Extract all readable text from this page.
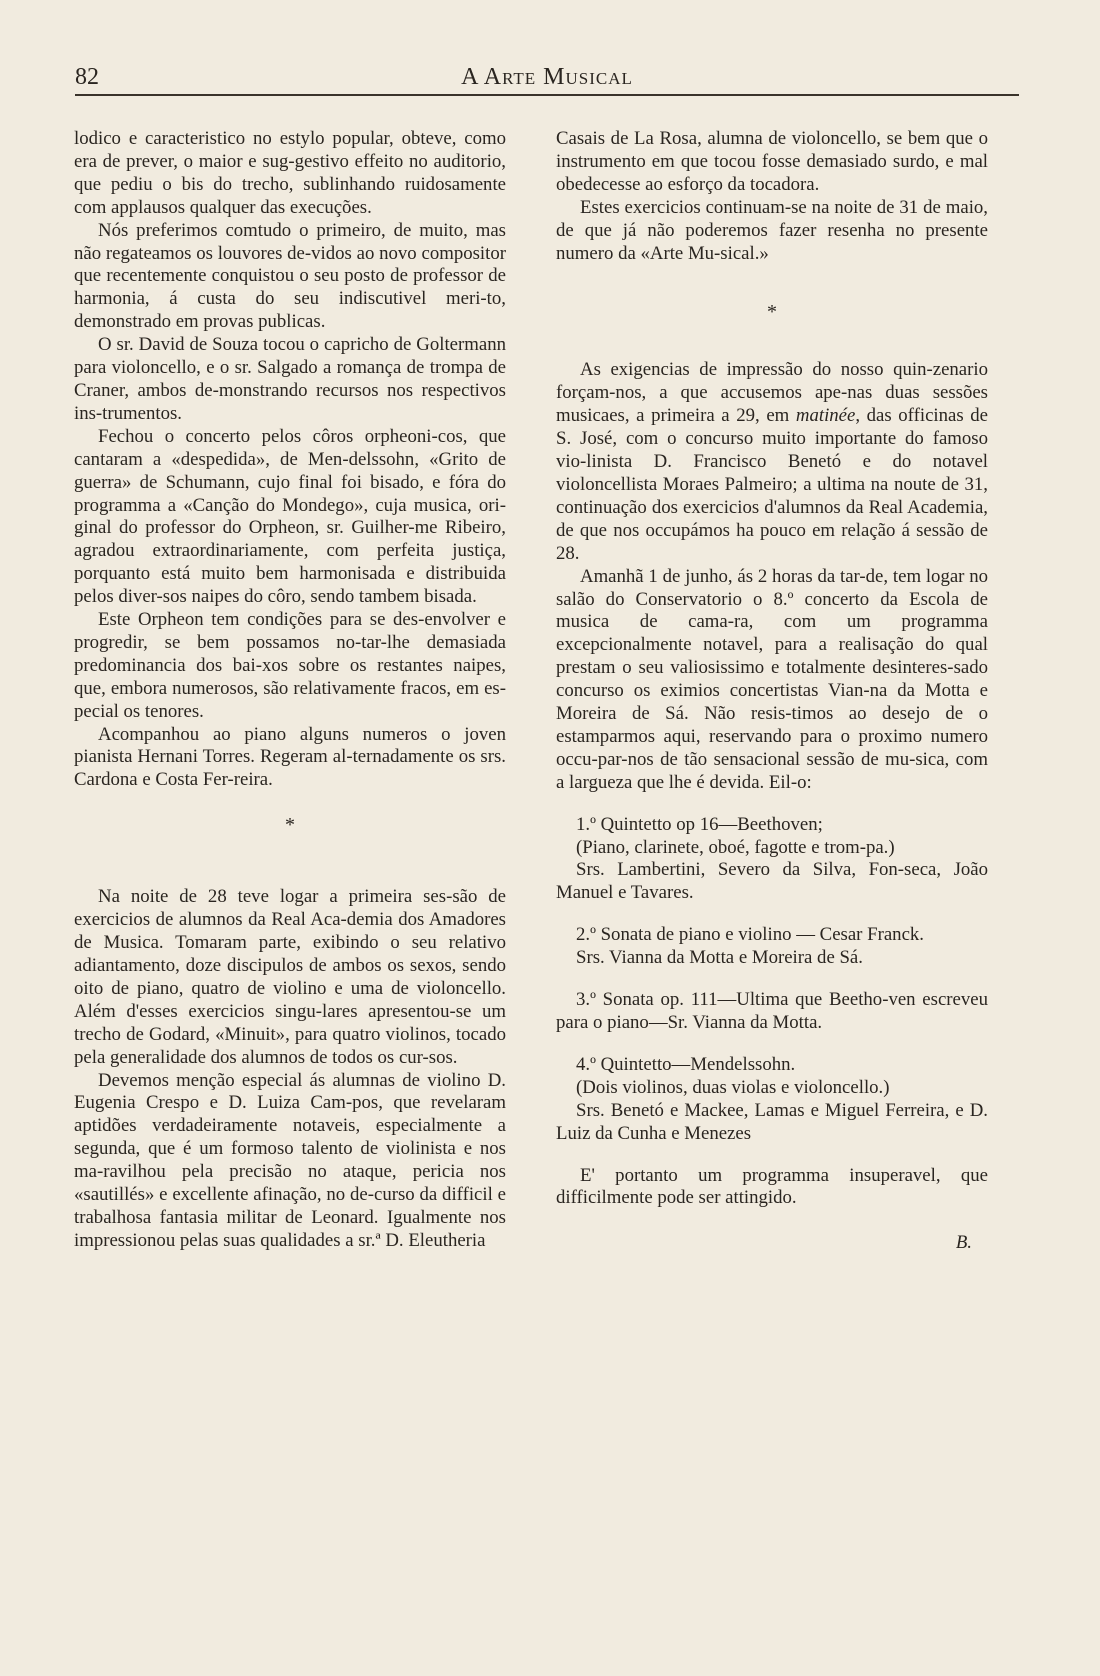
82	A Arte Musical

lodico e caracteristico no estylo popular, obteve, como era de prever, o maior e sug-gestivo effeito no auditorio, que pediu o bis do trecho, sublinhando ruidosamente com applausos qualquer das execuções.

Nós preferimos comtudo o primeiro, de muito, mas não regateamos os louvores de-vidos ao novo compositor que recentemente conquistou o seu posto de professor de harmonia, á custa do seu indiscutivel meri-to, demonstrado em provas publicas.

O sr. David de Souza tocou o capricho de Goltermann para violoncello, e o sr. Salgado a romança de trompa de Craner, ambos de-monstrando recursos nos respectivos ins-trumentos.

Fechou o concerto pelos côros orpheoni-cos, que cantaram a «despedida», de Men-delssohn, «Grito de guerra» de Schumann, cujo final foi bisado, e fóra do programma a «Canção do Mondego», cuja musica, ori-ginal do professor do Orpheon, sr. Guilher-me Ribeiro, agradou extraordinariamente, com perfeita justiça, porquanto está muito bem harmonisada e distribuida pelos diver-sos naipes do côro, sendo tambem bisada.

Este Orpheon tem condições para se des-envolver e progredir, se bem possamos no-tar-lhe demasiada predominancia dos bai-xos sobre os restantes naipes, que, embora numerosos, são relativamente fracos, em es-pecial os tenores.

Acompanhou ao piano alguns numeros o joven pianista Hernani Torres. Regeram al-ternadamente os srs. Cardona e Costa Fer-reira.

*

Na noite de 28 teve logar a primeira ses-são de exercicios de alumnos da Real Aca-demia dos Amadores de Musica. Tomaram parte, exibindo o seu relativo adiantamento, doze discipulos de ambos os sexos, sendo oito de piano, quatro de violino e uma de violoncello. Além d'esses exercicios singu-lares apresentou-se um trecho de Godard, «Minuit», para quatro violinos, tocado pela generalidade dos alumnos de todos os cur-sos.

Devemos menção especial ás alumnas de violino D. Eugenia Crespo e D. Luiza Cam-pos, que revelaram aptidões verdadeiramente notaveis, especialmente a segunda, que é um formoso talento de violinista e nos ma-ravilhou pela precisão no ataque, pericia nos «sautillés» e excellente afinação, no de-curso da difficil e trabalhosa fantasia militar de Leonard. Igualmente nos impressionou pelas suas qualidades a sr.ª D. Eleutheria

Casais de La Rosa, alumna de violoncello, se bem que o instrumento em que tocou fosse demasiado surdo, e mal obedecesse ao esforço da tocadora.

Estes exercicios continuam-se na noite de 31 de maio, de que já não poderemos fazer resenha no presente numero da «Arte Mu-sical.»

*

As exigencias de impressão do nosso quin-zenario forçam-nos, a que accusemos ape-nas duas sessões musicaes, a primeira a 29, em matinée, das officinas de S. José, com o concurso muito importante do famoso vio-linista D. Francisco Benetó e do notavel violoncellista Moraes Palmeiro; a ultima na noute de 31, continuação dos exercicios d'alumnos da Real Academia, de que nos occupámos ha pouco em relação á sessão de 28.

Amanhã 1 de junho, ás 2 horas da tar-de, tem logar no salão do Conservatorio o 8.º concerto da Escola de musica de cama-ra, com um programma excepcionalmente notavel, para a realisação do qual prestam o seu valiosissimo e totalmente desinteres-sado concurso os eximios concertistas Vian-na da Motta e Moreira de Sá. Não resis-timos ao desejo de o estamparmos aqui, reservando para o proximo numero occu-par-nos de tão sensacional sessão de mu-sica, com a largueza que lhe é devida. Eil-o:

1.º Quintetto op 16—Beethoven;

(Piano, clarinete, oboé, fagotte e trom-pa.)

Srs. Lambertini, Severo da Silva, Fon-seca, João Manuel e Tavares.

2.º Sonata de piano e violino — Cesar Franck.

Srs. Vianna da Motta e Moreira de Sá.

3.º Sonata op. 111—Ultima que Beetho-ven escreveu para o piano—Sr. Vianna da Motta.

4.º Quintetto—Mendelssohn.

(Dois violinos, duas violas e violoncello.)

Srs. Benetó e Mackee, Lamas e Miguel Ferreira, e D. Luiz da Cunha e Menezes

E' portanto um programma insuperavel, que difficilmente pode ser attingido.

B.
